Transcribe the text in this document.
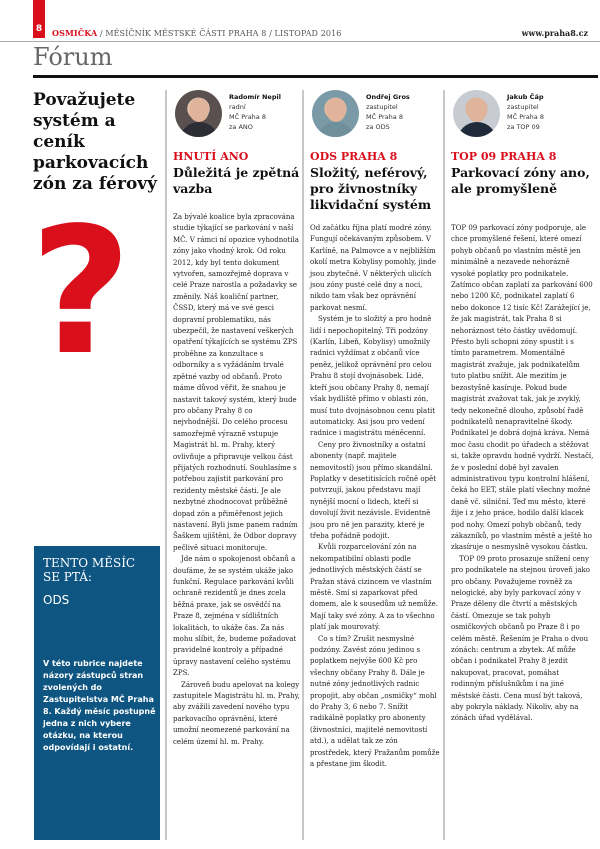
8	OSMIČKA / MĚSÍČNÍK MĚSTSKÉ ČÁSTI PRAHA 8 / LISTOPAD 2016	www.praha8.cz
Fórum
Považujete systém a ceník parkovacích zón za férový
?
TENTO MĚSÍC SE PTÁ:
ODS
V této rubrice najdete názory zástupců stran zvolených do Zastupitelstva MČ Praha 8. Každý měsíc postupně jedna z nich vybere otázku, na kterou odpovídají i ostatní.
Radomír Nepil
radní
MČ Praha 8
za ANO
HNUTÍ ANO
Důležitá je zpětná vazba

Za bývalé koalice byla zpracována studie týkající se parkování v naší MČ. V rámci ní opozice vyhodnotila zóny jako vhodný krok. Od roku 2012, kdy byl tento dokument vytvořen, samozřejmě doprava v celé Praze narostla a požadavky se změnily. Náš koaliční partner, ČSSD, který má ve své gesci dopravní problematiku, nás ubezpečil, že nastavení veškerých opatření týkajících se systému ZPS proběhne za konzultace s odborníky a s vyžádáním trvalé zpětné vazby od občanů. Proto máme důvod věřit, že snahou je nastavit takový systém, který bude pro občany Prahy 8 co nejvhodnější. Do celého procesu samozřejmě výrazně vstupuje Magistrát hl. m. Prahy, který ovlivňuje a připravuje velkou část přijatých rozhodnutí. Souhlasíme s potřebou zajistit parkování pro rezidenty městské části. Je ale nezbytné zhodnocovat průběžně dopad zón a přiměřenost jejich nastavení. Byli jsme panem radním Šaškem ujištěni, že Odbor dopravy pečlivě situaci monitoruje.

Jde nám o spokojenost občanů a doufáme, že se systém ukáže jako funkční. Regulace parkování kvůli ochraně rezidentů je dnes zcela běžná praxe, jak se osvědčí na Praze 8, zejména v sídlištních lokalitách, to ukáže čas. Za nás mohu slíbit, že, budeme požadovat pravidelné kontroly a případné úpravy nastavení celého systému ZPS.

Zároveň budu apelovat na kolegy zastupitele Magistrátu hl. m. Prahy, aby zvážili zavedení nového typu parkovacího oprávnění, které umožní neomezené parkování na celém území hl. m. Prahy.

Ondřej Gros
zastupitel
MČ Praha 8
za ODS
ODS PRAHA 8
Složitý, neférový, pro živnostníky likvidační systém

Od začátku října platí modré zóny. Fungují očekávaným způsobem. V Karlíně, na Palmovce a v nejbližším okolí metra Kobylisy pomohly, jinde jsou zbytečné. V některých ulicích jsou zóny pusté celé dny a noci, nikdo tam však bez oprávnění parkovat nesmí.

Systém je to složitý a pro hodně lidí i nepochopitelný. Tři podzóny (Karlín, Libeň, Kobylisy) umožnily radnici vyždímat z občanů více peněz, jelikož oprávnění pro celou Prahu 8 stojí dvojnásobek. Lidé, kteří jsou občany Prahy 8, nemají však bydliště přímo v oblasti zón, musí tuto dvojnásobnou cenu platit automaticky. Asi jsou pro vedení radnice i magistrátu méněcenní.

Ceny pro živnostníky a ostatní abonenty (např. majitele nemovitostí) jsou přímo skandální. Poplatky v desetitisících ročně opět potvrzují, jakou představu mají nynější mocní o lidech, kteří si dovolují živit nezávisle. Evidentně jsou pro ně jen parazity, které je třeba pořádně podojit.

Kvůli rozparcelování zón na nekompatibilní oblasti podle jednotlivých městských částí se Pražan stává cizincem ve vlastním městě. Smí si zaparkovat před domem, ale k sousedům už nemůže. Mají taky své zóny. A za to všechno platí jak mourovatý.

Co s tím? Zrušit nesmyslné podzóny. Zavést zónu jedinou s poplatkem nejvýše 600 Kč pro všechny občany Prahy 8. Dále je nutné zóny jednotlivých radnic propojit, aby občan „osmičky“ mohl do Prahy 3, 6 nebo 7. Snížit radikálně poplatky pro abonenty (živnostníci, majitelé nemovitostí atd.), a udělat tak ze zón prostředek, který Pražanům pomůže a přestane jim škodit.

Jakub Čáp
zastupitel
MČ Praha 8
za TOP 09
TOP 09 PRAHA 8
Parkovací zóny ano, ale promyšleně

TOP 09 parkovací zóny podporuje, ale chce promyšlené řešení, které omezí pohyb občanů po vlastním městě jen minimálně a nezavede nehorázně vysoké poplatky pro podnikatele. Zatímco občan zaplatí za parkování 600 nebo 1200 Kč, podnikatel zaplatí 6 nebo dokonce 12 tisíc Kč! Zarážející je, že jak magistrát, tak Praha 8 si nehoráznost této částky uvědomují. Přesto byli schopni zóny spustit i s tímto parametrem. Momentálně magistrát zvažuje, jak podnikatelům tuto platbu snížit. Ale mezitím je bezostyšně kasíruje. Pokud bude magistrát zvažovat tak, jak je zvyklý, tedy nekonečně dlouho, způsobí řadě podnikatelů nenapravitelné škody. Podnikatel je dobrá dojná kráva. Nemá moc času chodit po úřadech a stěžovat si, takže opravdu hodně vydrží. Nestačí, že v poslední době byl zavalen administrativou typu kontrolní hlášení, čeká ho EET, stále platí všechny možné daně vč. silniční. Teď mu město, které žije i z jeho práce, hodilo další klacek pod nohy. Omezí pohyb občanů, tedy zákazníků, po vlastním městě a ještě ho zkasíruje o nesmyslně vysokou částku.

TOP 09 proto prosazuje snížení ceny pro podnikatele na stejnou úroveň jako pro občany. Považujeme rovněž za nelogické, aby byly parkovací zóny v Praze děleny dle čtvrtí a městských částí. Omezuje se tak pohyb osmičkových občanů po Praze 8 i po celém městě. Řešením je Praha o dvou zónách: centrum a zbytek. Ať může občan i podnikatel Prahy 8 jezdit nakupovat, pracovat, pomáhat rodinným příslušníkům i na jiné městské části. Cena musí být taková, aby pokryla náklady. Nikoliv, aby na zónách úřad vydělával.
